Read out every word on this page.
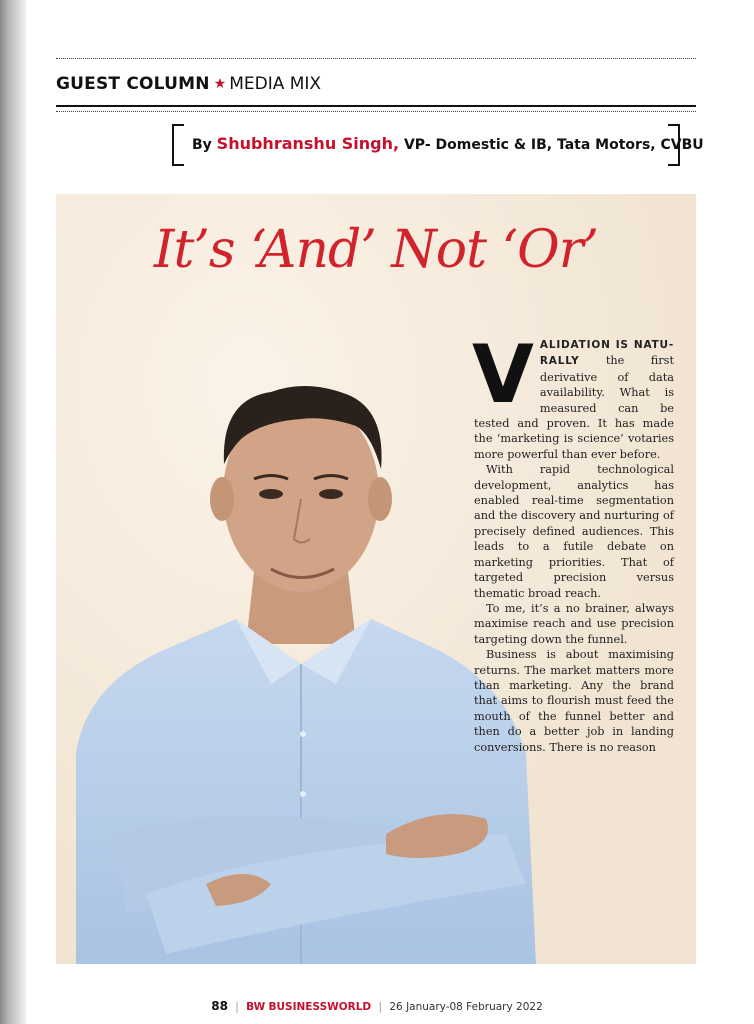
GUEST COLUMN ★ MEDIA MIX
By Shubhranshu Singh, VP- Domestic & IB, Tata Motors, CVBU
It’s ‘And’ Not ‘Or’

VALIDATION IS NATU-RALLY the first derivative of data availability. What is measured can be tested and proven. It has made the ‘marketing is science’ votaries more powerful than ever before.

With rapid technological development, analytics has enabled real-time segmentation and the discovery and nurturing of precisely defined audiences. This leads to a futile debate on marketing priorities. That of targeted precision versus thematic broad reach.

To me, it’s a no brainer, always maximise reach and use precision targeting down the funnel.

Business is about maximising returns. The market matters more than marketing. Any the brand that aims to flourish must feed the mouth of the funnel better and then do a better job in landing conversions. There is no reason

88 | BW BUSINESSWORLD | 26 January-08 February 2022
